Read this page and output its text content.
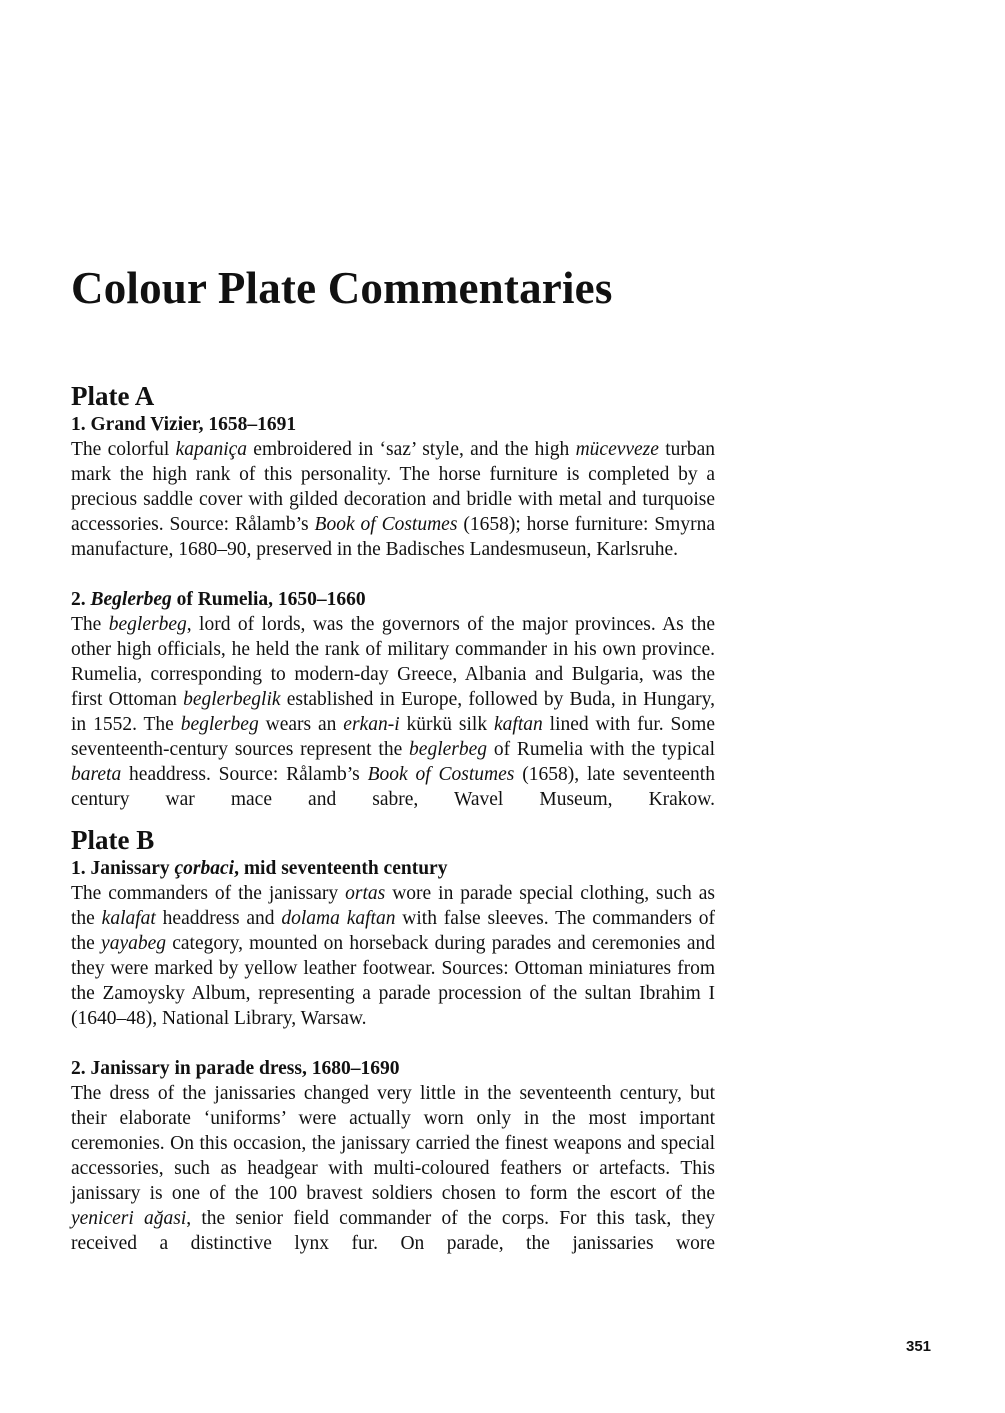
Colour Plate Commentaries
Plate A
1. Grand Vizier, 1658–1691

The colorful kapaniça embroidered in ‘saz’ style, and the high mücevveze turban mark the high rank of this personality. The horse furniture is completed by a precious saddle cover with gilded decoration and bridle with metal and turquoise accessories. Source: Rålamb’s Book of Costumes (1658); horse furniture: Smyrna manufacture, 1680–90, preserved in the Badisches Landesmuseun, Karlsruhe.

2. Beglerbeg of Rumelia, 1650–1660

The beglerbeg, lord of lords, was the governors of the major provinces. As the other high officials, he held the rank of military commander in his own province. Rumelia, corresponding to modern-day Greece, Albania and Bulgaria, was the first Ottoman beglerbeglik established in Europe, followed by Buda, in Hungary, in 1552. The beglerbeg wears an erkan-i kürkü silk kaftan lined with fur. Some seventeenth-century sources represent the beglerbeg of Rumelia with the typical bareta headdress. Source: Rålamb’s Book of Costumes (1658), late seventeenth century war mace and sabre, Wavel Museum, Krakow.

Plate B
1. Janissary çorbaci, mid seventeenth century

The commanders of the janissary ortas wore in parade special clothing, such as the kalafat headdress and dolama kaftan with false sleeves. The commanders of the yayabeg category, mounted on horseback during parades and ceremonies and they were marked by yellow leather footwear. Sources: Ottoman miniatures from the Zamoysky Album, representing a parade procession of the sultan Ibrahim I (1640–48), National Library, Warsaw.

2. Janissary in parade dress, 1680–1690

The dress of the janissaries changed very little in the seventeenth century, but their elaborate ‘uniforms’ were actually worn only in the most important ceremonies. On this occasion, the janissary carried the finest weapons and special accessories, such as headgear with multi-coloured feathers or artefacts. This janissary is one of the 100 bravest soldiers chosen to form the escort of the yeniceri ağasi, the senior field commander of the corps. For this task, they received a distinctive lynx fur. On parade, the janissaries wore

351
